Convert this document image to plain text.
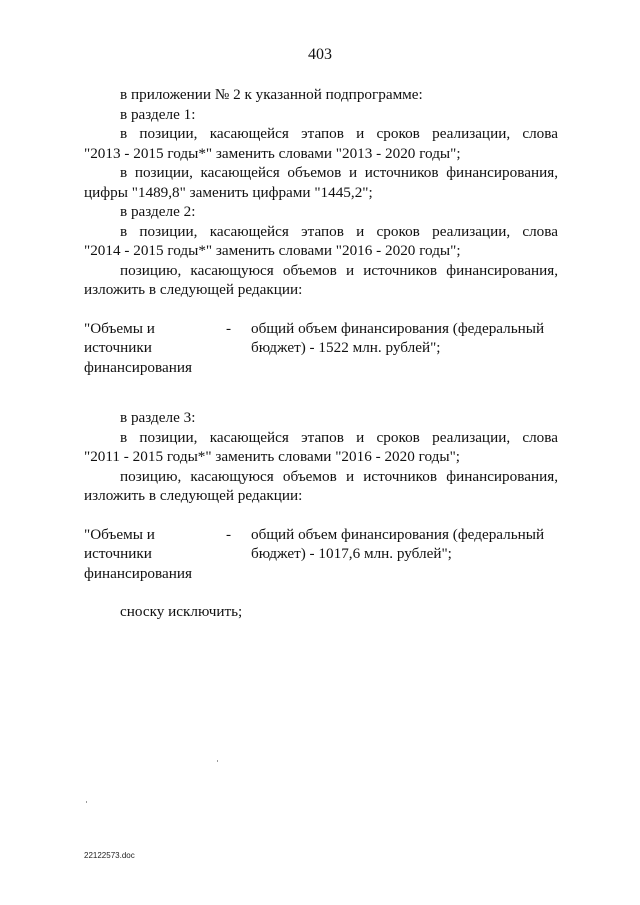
403

в приложении № 2 к указанной подпрограмме:

в разделе 1:

в позиции, касающейся этапов и сроков реализации, слова

"2013 - 2015 годы*" заменить словами "2013 - 2020 годы";

в позиции, касающейся объемов и источников финансирования,

цифры "1489,8" заменить цифрами "1445,2";

в разделе 2:

в позиции, касающейся этапов и сроков реализации, слова

"2014 - 2015 годы*" заменить словами "2016 - 2020 годы";

позицию, касающуюся объемов и источников финансирования,

изложить в следующей редакции:

"Объемы и
источники
финансирования
-	общий объем финансирования (федеральный
бюджет) - 1522 млн. рублей";

в разделе 3:

в позиции, касающейся этапов и сроков реализации, слова

"2011 - 2015 годы*" заменить словами "2016 - 2020 годы";

позицию, касающуюся объемов и источников финансирования,

изложить в следующей редакции:

"Объемы и
источники
финансирования
-	общий объем финансирования (федеральный
бюджет) - 1017,6 млн. рублей";

сноску исключить;

22122573.doc
